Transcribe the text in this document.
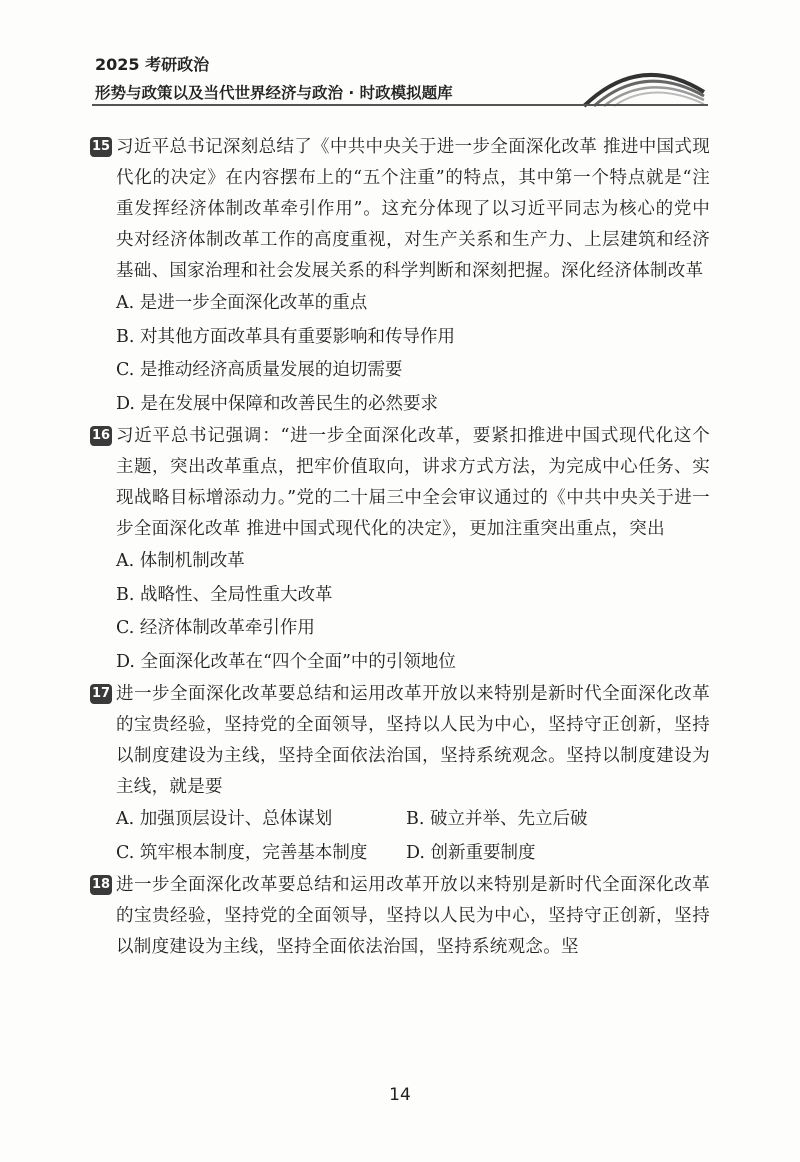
2025 考研政治
形势与政策以及当代世界经济与政治 · 时政模拟题库
15 习近平总书记深刻总结了《中共中央关于进一步全面深化改革 推进中国式现代化的决定》在内容摆布上的“五个注重”的特点，其中第一个特点就是“注重发挥经济体制改革牵引作用”。这充分体现了以习近平同志为核心的党中央对经济体制改革工作的高度重视，对生产关系和生产力、上层建筑和经济基础、国家治理和社会发展关系的科学判断和深刻把握。深化经济体制改革

A. 是进一步全面深化改革的重点
B. 对其他方面改革具有重要影响和传导作用
C. 是推动经济高质量发展的迫切需要
D. 是在发展中保障和改善民生的必然要求
16 习近平总书记强调：“进一步全面深化改革，要紧扣推进中国式现代化这个主题，突出改革重点，把牢价值取向，讲求方式方法，为完成中心任务、实现战略目标增添动力。”党的二十届三中全会审议通过的《中共中央关于进一步全面深化改革 推进中国式现代化的决定》，更加注重突出重点，突出

A. 体制机制改革
B. 战略性、全局性重大改革
C. 经济体制改革牵引作用
D. 全面深化改革在“四个全面”中的引领地位
17 进一步全面深化改革要总结和运用改革开放以来特别是新时代全面深化改革的宝贵经验，坚持党的全面领导，坚持以人民为中心，坚持守正创新，坚持以制度建设为主线，坚持全面依法治国，坚持系统观念。坚持以制度建设为主线，就是要

A. 加强顶层设计、总体谋划	B. 破立并举、先立后破
C. 筑牢根本制度，完善基本制度	D. 创新重要制度
18 进一步全面深化改革要总结和运用改革开放以来特别是新时代全面深化改革的宝贵经验，坚持党的全面领导，坚持以人民为中心，坚持守正创新，坚持以制度建设为主线，坚持全面依法治国，坚持系统观念。坚

14
